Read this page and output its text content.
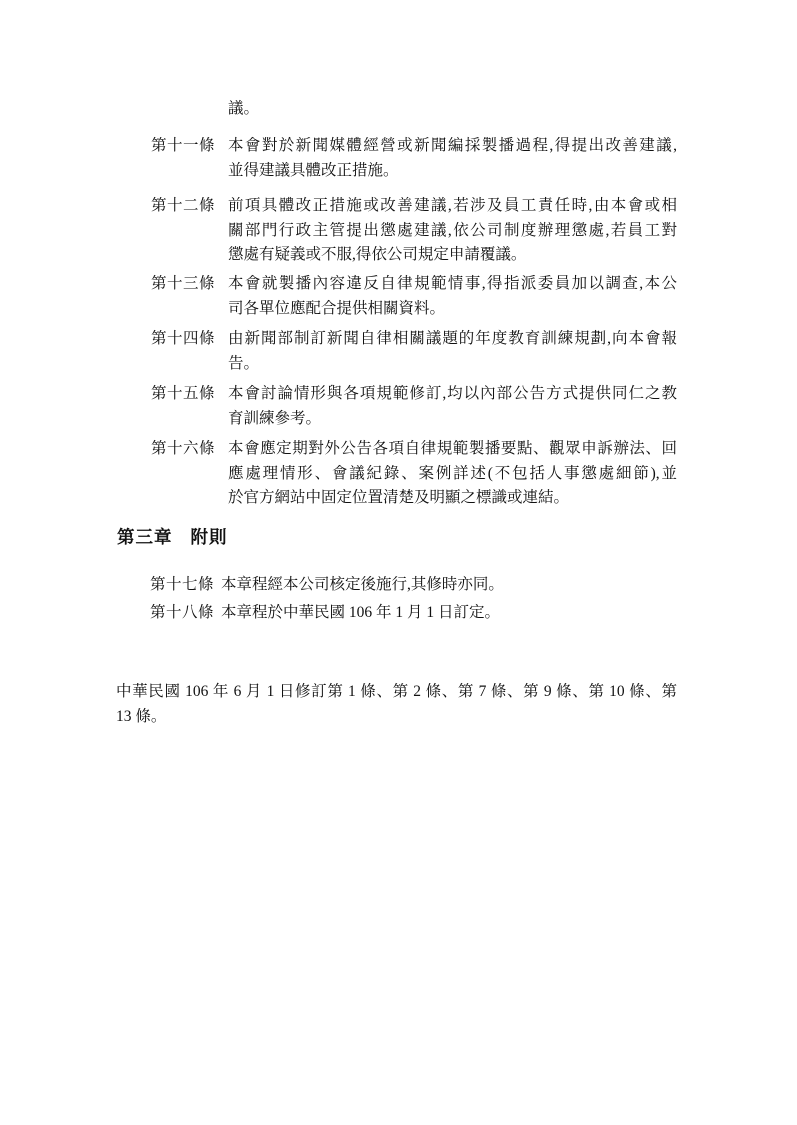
議。
第十一條 本會對於新聞媒體經營或新聞編採製播過程,得提出改善建議,
並得建議具體改正措施。
第十二條 前項具體改正措施或改善建議,若涉及員工責任時,由本會或相
關部門行政主管提出懲處建議,依公司制度辦理懲處,若員工對
懲處有疑義或不服,得依公司規定申請覆議。
第十三條 本會就製播內容違反自律規範情事,得指派委員加以調查,本公
司各單位應配合提供相關資料。
第十四條 由新聞部制訂新聞自律相關議題的年度教育訓練規劃,向本會報
告。
第十五條 本會討論情形與各項規範修訂,均以內部公告方式提供同仁之教
育訓練參考。
第十六條 本會應定期對外公告各項自律規範製播要點、觀眾申訴辦法、回
應處理情形、會議紀錄、案例詳述(不包括人事懲處細節),並
於官方網站中固定位置清楚及明顯之標識或連結。
第三章 附則
第十七條 本章程經本公司核定後施行,其修時亦同。
第十八條 本章程於中華民國 106 年 1 月 1 日訂定。
中華民國 106 年 6 月 1 日修訂第 1 條、第 2 條、第 7 條、第 9 條、第 10 條、第
13 條。
